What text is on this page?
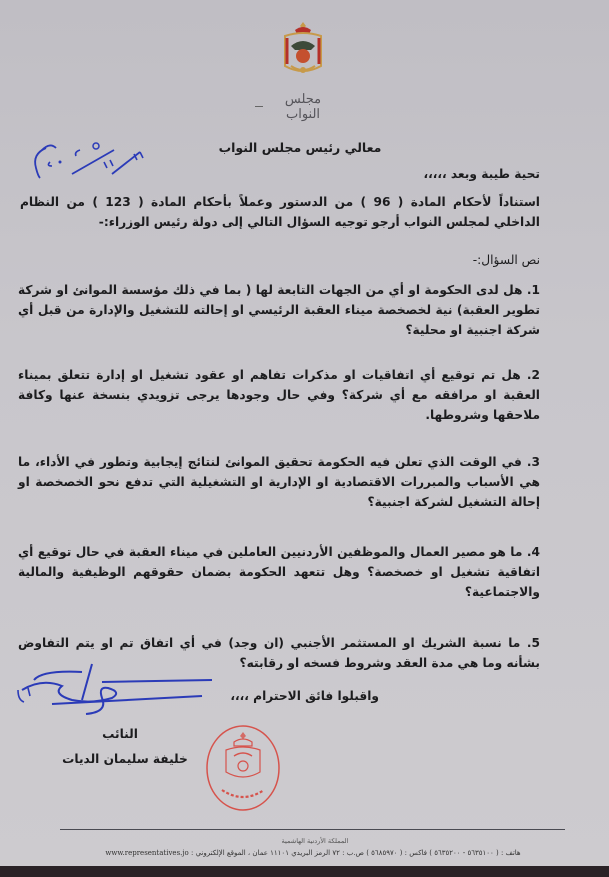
مجلس النواب
معالي رئيس مجلس النواب
تحية طيبة وبعد ،،،،،
استناداً لأحكام المادة ( 96 ) من الدستور وعملاً بأحكام المادة ( 123 ) من النظام الداخلي لمجلس النواب أرجو توجيه السؤال التالي إلى دولة رئيس الوزراء:-
نص السؤال:-
1. هل لدى الحكومة او أي من الجهات التابعة لها ( بما في ذلك مؤسسة الموانئ او شركة تطوير العقبة) نية لخصخصة ميناء العقبة الرئيسي او إحالته للتشغيل والإدارة من قبل أي شركة اجنبية او محلية؟
2. هل تم توقيع أي اتفاقيات او مذكرات تفاهم او عقود تشغيل او إدارة تتعلق بميناء العقبة او مرافقه مع أي شركة؟ وفي حال وجودها يرجى تزويدي بنسخة عنها وكافة ملاحقها وشروطها.
3. في الوقت الذي تعلن فيه الحكومة تحقيق الموانئ لنتائج إيجابية وتطور في الأداء، ما هي الأسباب والمبررات الاقتصادية او الإدارية او التشغيلية التي تدفع نحو الخصخصة او إحالة التشغيل لشركة اجنبية؟
4. ما هو مصير العمال والموظفين الأردنيين العاملين في ميناء العقبة في حال توقيع أي اتفاقية تشغيل او خصخصة؟ وهل تتعهد الحكومة بضمان حقوقهم الوظيفية والمالية والاجتماعية؟
5. ما نسبة الشريك او المستثمر الأجنبي (ان وجد) في أي اتفاق تم او يتم التفاوض بشأنه وما هي مدة العقد وشروط فسخه او رقابته؟
واقبلوا فائق الاحترام ،،،،
النائب
خليفة سليمان الديات
المملكة الأردنية الهاشمية
هاتف : ( ٥٦٣٥١٠٠ - ٥٦٣٥٢٠٠ ) فاكس : ( ٥٦٨٥٩٧٠ ) ص.ب : ٧٢ الرمز البريدي ١١١٠١ عمان ، الموقع الإلكتروني : www.representatives.jo
